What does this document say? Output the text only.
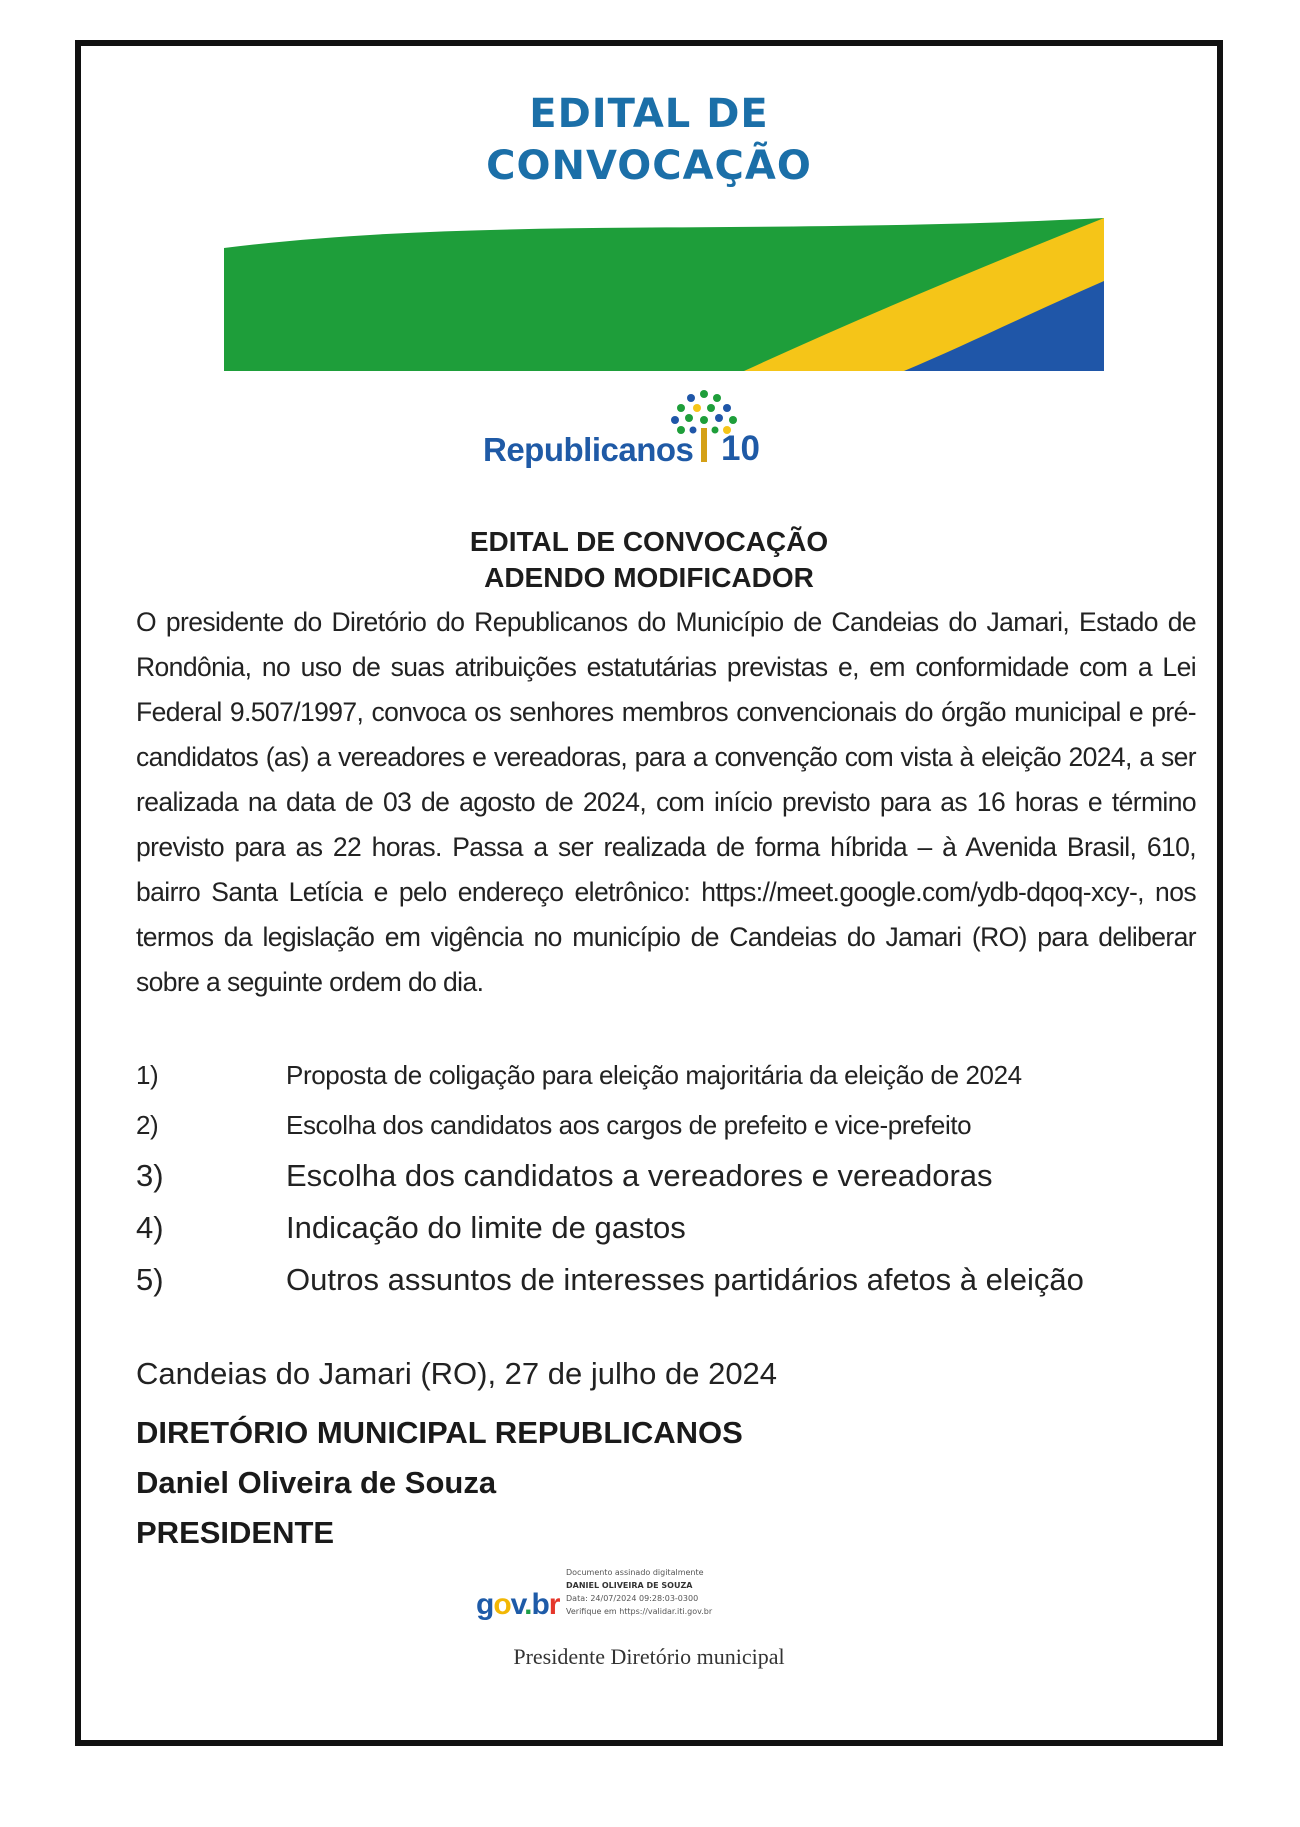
EDITAL DE
CONVOCAÇÃO
Republicanos 10
EDITAL DE CONVOCAÇÃO
ADENDO MODIFICADOR
O presidente do Diretório do Republicanos do Município de Candeias do Jamari, Estado de Rondônia, no uso de suas atribuições estatutárias previstas e, em conformidade com a Lei Federal 9.507/1997, convoca os senhores membros convencionais do órgão municipal e pré-candidatos (as) a vereadores e vereadoras, para a convenção com vista à eleição 2024, a ser realizada na data de 03 de agosto de 2024, com início previsto para as 16 horas e término previsto para as 22 horas. Passa a ser realizada de forma híbrida – à Avenida Brasil, 610, bairro Santa Letícia e pelo endereço eletrônico: https://meet.google.com/ydb-dqoq-xcy-, nos termos da legislação em vigência no município de Candeias do Jamari (RO) para deliberar sobre a seguinte ordem do dia.
1)	Proposta de coligação para eleição majoritária da eleição de 2024
2)	Escolha dos candidatos aos cargos de prefeito e vice-prefeito
3)	Escolha dos candidatos a vereadores e vereadoras
4)	Indicação do limite de gastos
5)	Outros assuntos de interesses partidários afetos à eleição
Candeias do Jamari (RO), 27 de julho de 2024
DIRETÓRIO MUNICIPAL REPUBLICANOS
Daniel Oliveira de Souza
PRESIDENTE
gov.br
Documento assinado digitalmente
DANIEL OLIVEIRA DE SOUZA
Data: 24/07/2024 09:28:03-0300
Verifique em https://validar.iti.gov.br
Presidente Diretório municipal
